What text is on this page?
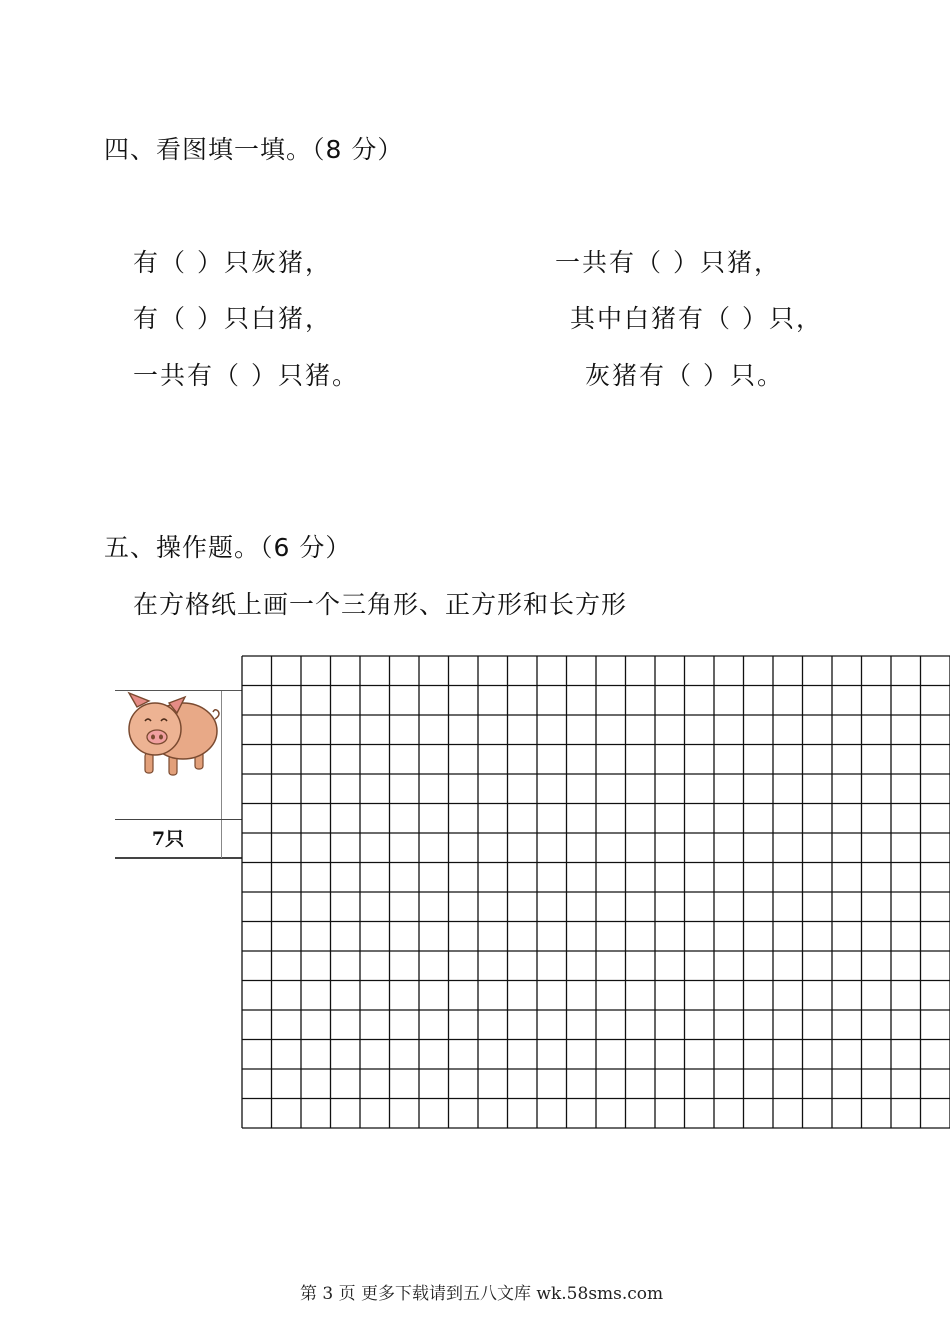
四、看图填一填。（8 分）
有（ ）只灰猪，
有（ ）只白猪，
一共有（ ）只猪。
一共有（ ）只猪，
其中白猪有（ ）只，
灰猪有（ ）只。
五、操作题。（6 分）
在方格纸上画一个三角形、正方形和长方形
7只
第 3 页 更多下载请到五八文库 wk.58sms.com
